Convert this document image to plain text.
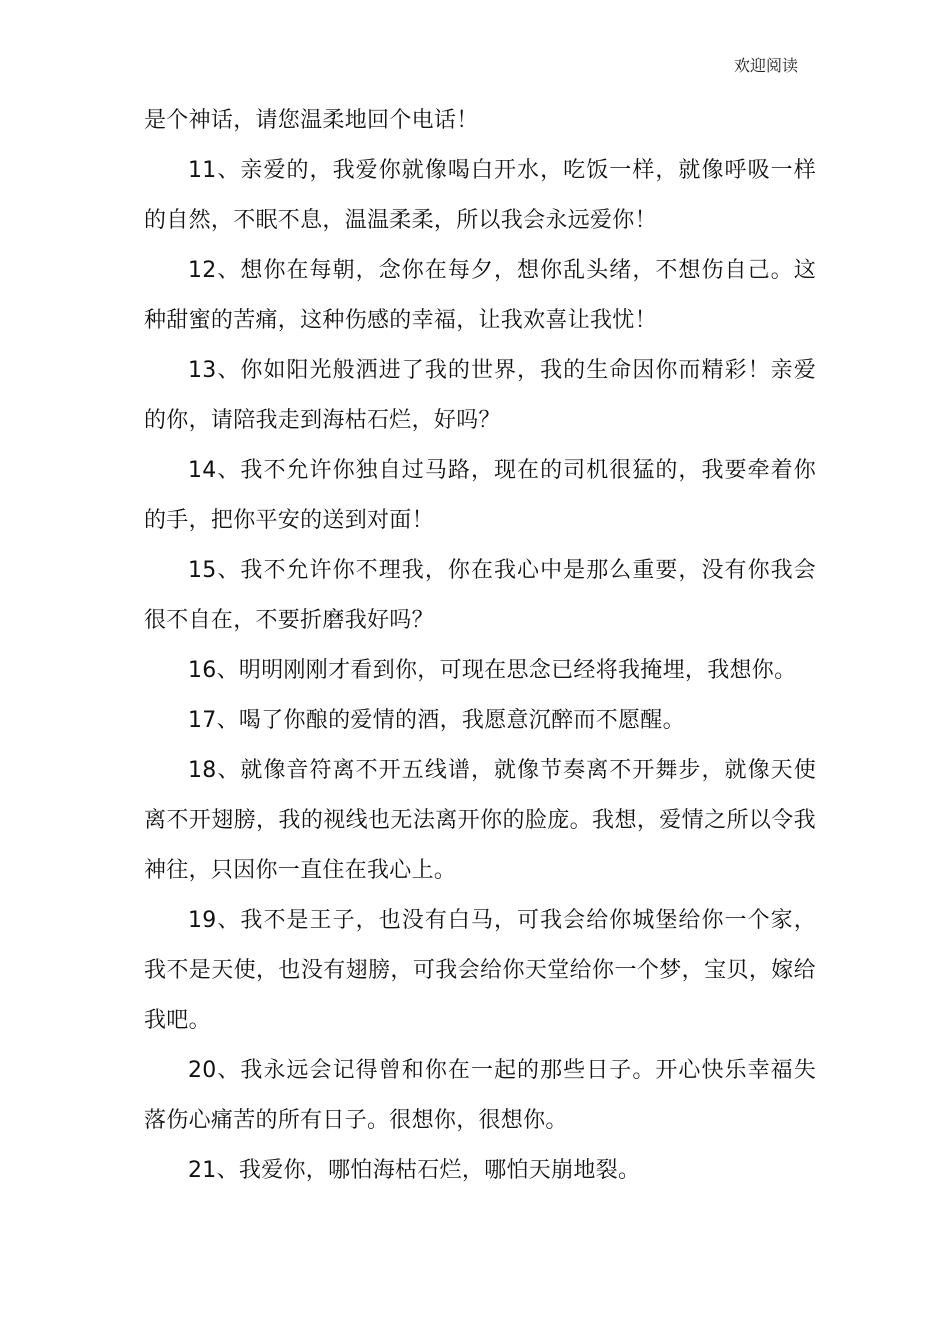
欢迎阅读

是个神话，请您温柔地回个电话！

11、亲爱的，我爱你就像喝白开水，吃饭一样，就像呼吸一样的自然，不眠不息，温温柔柔，所以我会永远爱你！

12、想你在每朝，念你在每夕，想你乱头绪，不想伤自己。这种甜蜜的苦痛，这种伤感的幸福，让我欢喜让我忧！

13、你如阳光般洒进了我的世界，我的生命因你而精彩！亲爱的你，请陪我走到海枯石烂，好吗？

14、我不允许你独自过马路，现在的司机很猛的，我要牵着你的手，把你平安的送到对面！

15、我不允许你不理我，你在我心中是那么重要，没有你我会很不自在，不要折磨我好吗？

16、明明刚刚才看到你，可现在思念已经将我掩埋，我想你。

17、喝了你酿的爱情的酒，我愿意沉醉而不愿醒。

18、就像音符离不开五线谱，就像节奏离不开舞步，就像天使离不开翅膀，我的视线也无法离开你的脸庞。我想，爱情之所以令我神往，只因你一直住在我心上。

19、我不是王子，也没有白马，可我会给你城堡给你一个家，我不是天使，也没有翅膀，可我会给你天堂给你一个梦，宝贝，嫁给我吧。

20、我永远会记得曾和你在一起的那些日子。开心快乐幸福失落伤心痛苦的所有日子。很想你，很想你。

21、我爱你，哪怕海枯石烂，哪怕天崩地裂。
